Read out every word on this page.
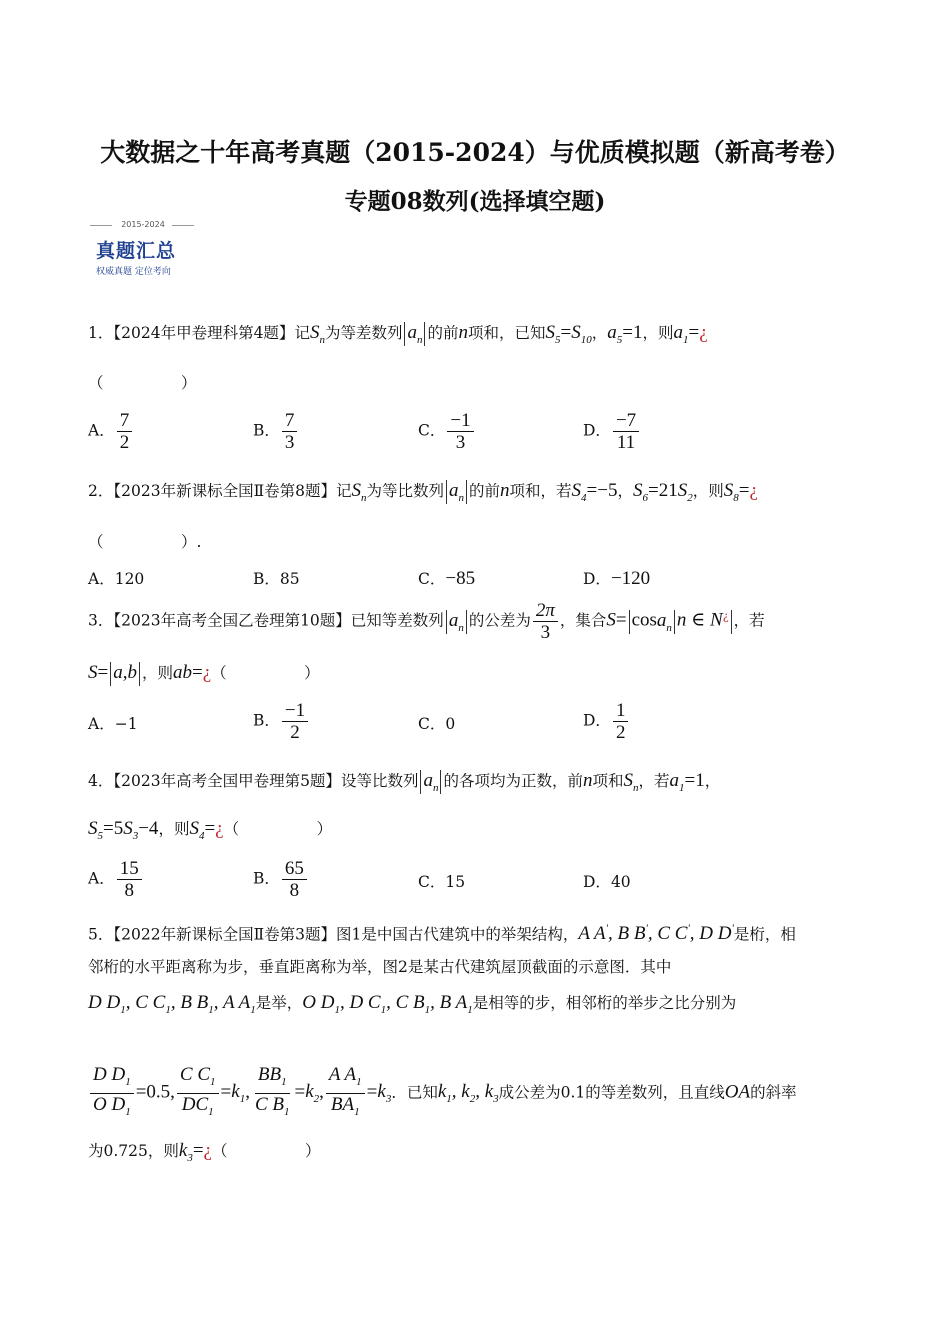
大数据之十年高考真题（2015-2024）与优质模拟题（新高考卷）
专题08数列(选择填空题)
2015-2024
真题汇总
权威真题 定位考向
1．【2024年甲卷理科第4题】记$S_n$为等差数列 $a_n$ 的前n项和，已知$S_5=S_{10}$，$a_5=1$，则$a_1=¿$
（　　　　　）
A． $\frac{7}{2}$	B． $\frac{7}{3}$	C． $\frac{-1}{3}$	D． $\frac{-7}{11}$
2．【2023年新课标全国Ⅱ卷第8题】记$S_n$为等比数列 $a_n$ 的前n项和，若$S_4=-5$，$S_6=21S_2$，则$S_8=¿$
（　　　　　）.
A．120	B．85	C．−85	D．−120
3．【2023年高考全国乙卷理第10题】已知等差数列 $a_n$ 的公差为 $\frac{2\pi}{3}$ ，集合S= cosa$_n$ n ∈ N¿ ，若
S= a,b ，则ab=¿（　　　　　）
A．−1	B． $\frac{-1}{2}$	C．0	D． $\frac{1}{2}$
4．【2023年高考全国甲卷理第5题】设等比数列 $a_n$ 的各项均为正数，前n项和$S_n$，若$a_1=1$，
$S_5=5S_3-4$，则$S_4=¿$（　　　　　）
A． $\frac{15}{8}$	B． $\frac{65}{8}$	C．15	D．40
5．【2022年新课标全国Ⅱ卷第3题】图1是中国古代建筑中的举架结构，A A', B B', C C', D D'是桁，相
邻桁的水平距离称为步，垂直距离称为举，图2是某古代建筑屋顶截面的示意图．其中
D $D_1$, C $C_1$, B $B_1$, A $A_1$是举，O $D_1$, D $C_1$, C $B_1$, B $A_1$是相等的步，相邻桁的举步之比分别为
$\frac{D D_1}{O D_1} =0.5$, $\frac{C C_1}{DC_1} =k_1$, $\frac{BB_1}{C B_1} =k_2$, $\frac{A A_1}{BA_1} =k_3$．已知$k_1$, $k_2$, $k_3$成公差为0.1的等差数列，且直线OA的斜率
为0.725，则$k_3=¿$（　　　　　）
